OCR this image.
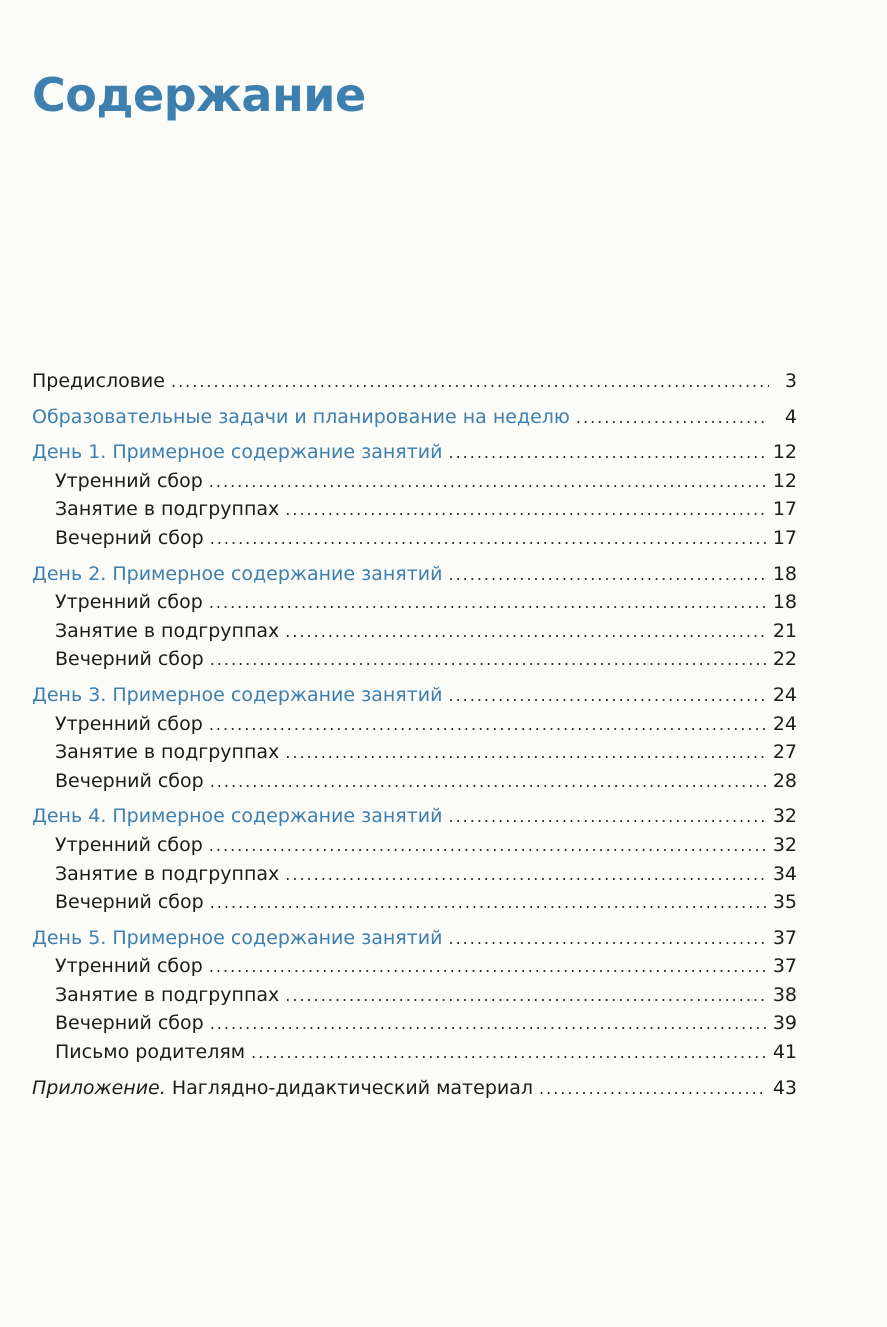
Содержание
Предисловие .....	3
Образовательные задачи и планирование на неделю .....	4
День 1. Примерное содержание занятий .....	12
Утренний сбор .....	12
Занятие в подгруппах .....	17
Вечерний сбор .....	17
День 2. Примерное содержание занятий .....	18
Утренний сбор .....	18
Занятие в подгруппах .....	21
Вечерний сбор .....	22
День 3. Примерное содержание занятий .....	24
Утренний сбор .....	24
Занятие в подгруппах .....	27
Вечерний сбор .....	28
День 4. Примерное содержание занятий .....	32
Утренний сбор .....	32
Занятие в подгруппах .....	34
Вечерний сбор .....	35
День 5. Примерное содержание занятий .....	37
Утренний сбор .....	37
Занятие в подгруппах .....	38
Вечерний сбор .....	39
Письмо родителям .....	41
Приложение. Наглядно-дидактический материал .....	43
